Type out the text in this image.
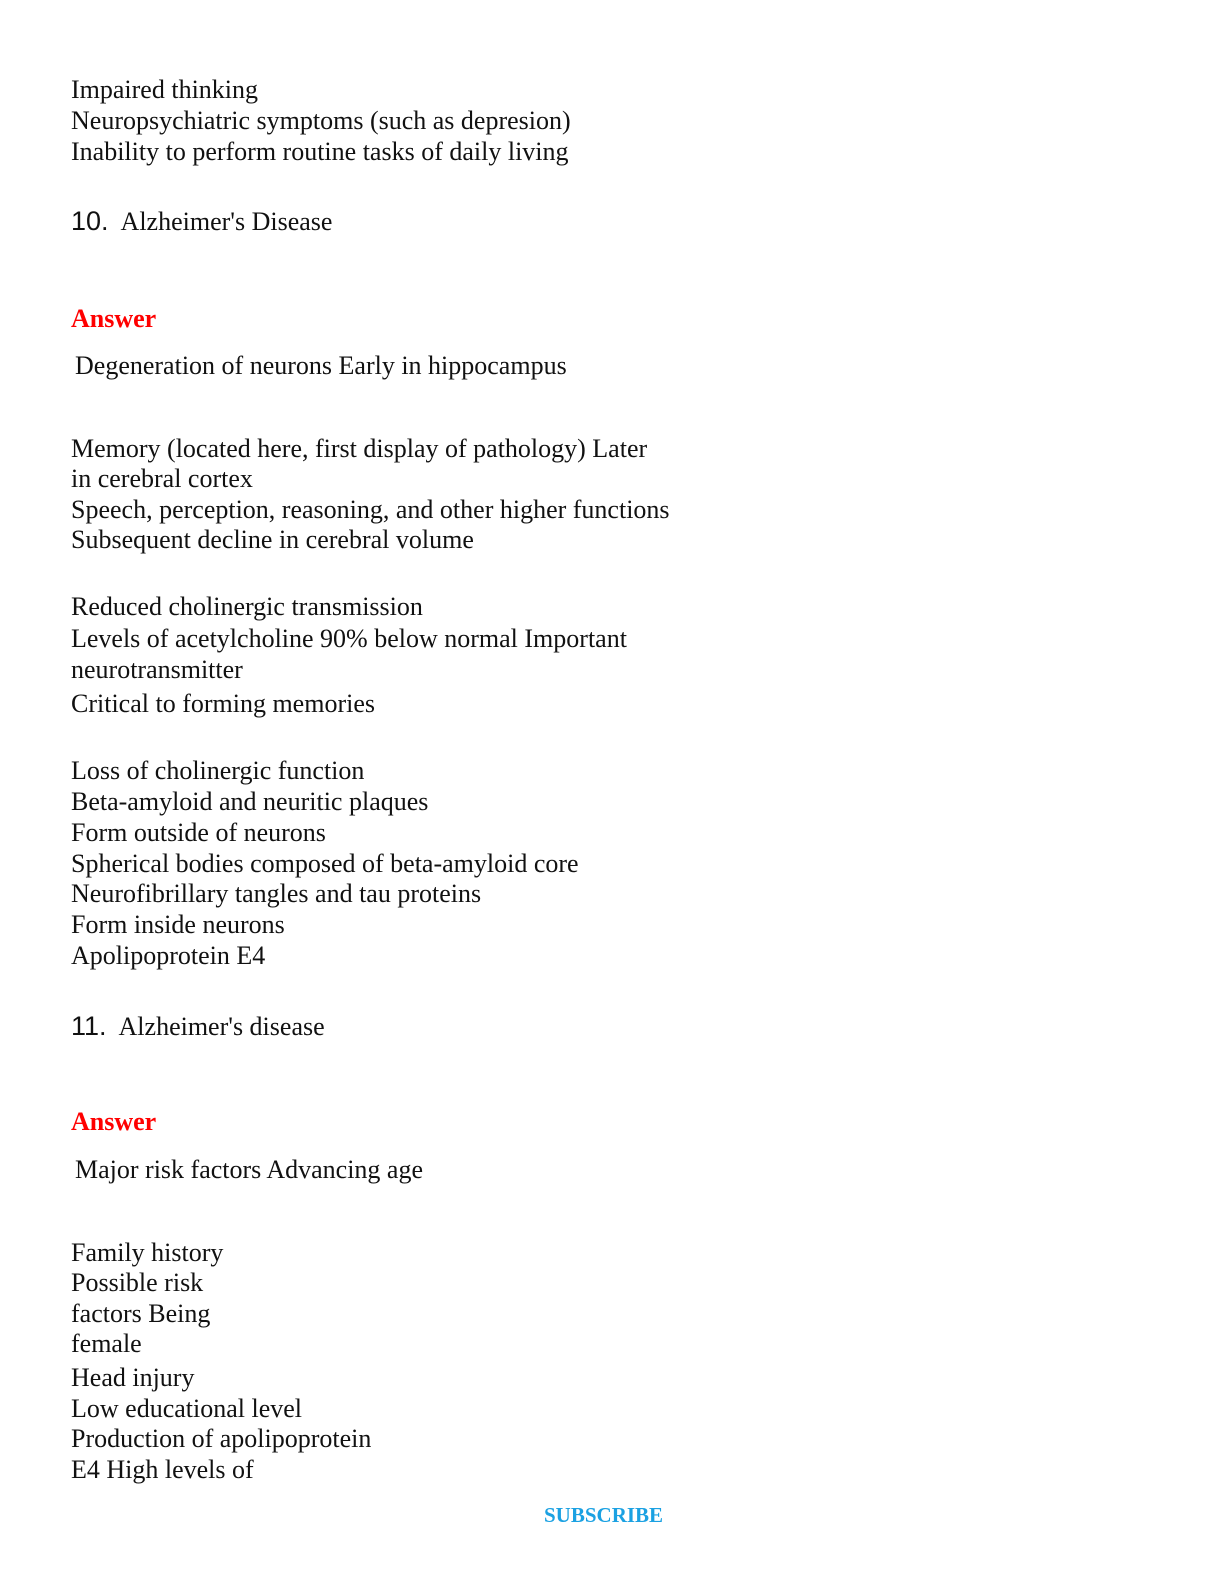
Impaired thinking
Neuropsychiatric symptoms (such as depresion)
Inability to perform routine tasks of daily living
10. Alzheimer's Disease
Answer
Degeneration of neurons Early in hippocampus
Memory (located here, first display of pathology) Later
in cerebral cortex
Speech, perception, reasoning, and other higher functions
Subsequent decline in cerebral volume
Reduced cholinergic transmission
Levels of acetylcholine 90% below normal Important
neurotransmitter
Critical to forming memories
Loss of cholinergic function
Beta-amyloid and neuritic plaques
Form outside of neurons
Spherical bodies composed of beta-amyloid core
Neurofibrillary tangles and tau proteins
Form inside neurons
Apolipoprotein E4
11. Alzheimer's disease
Answer
Major risk factors Advancing age
Family history
Possible risk
factors Being
female
Head injury
Low educational level
Production of apolipoprotein
E4 High levels of
SUBSCRIBE
